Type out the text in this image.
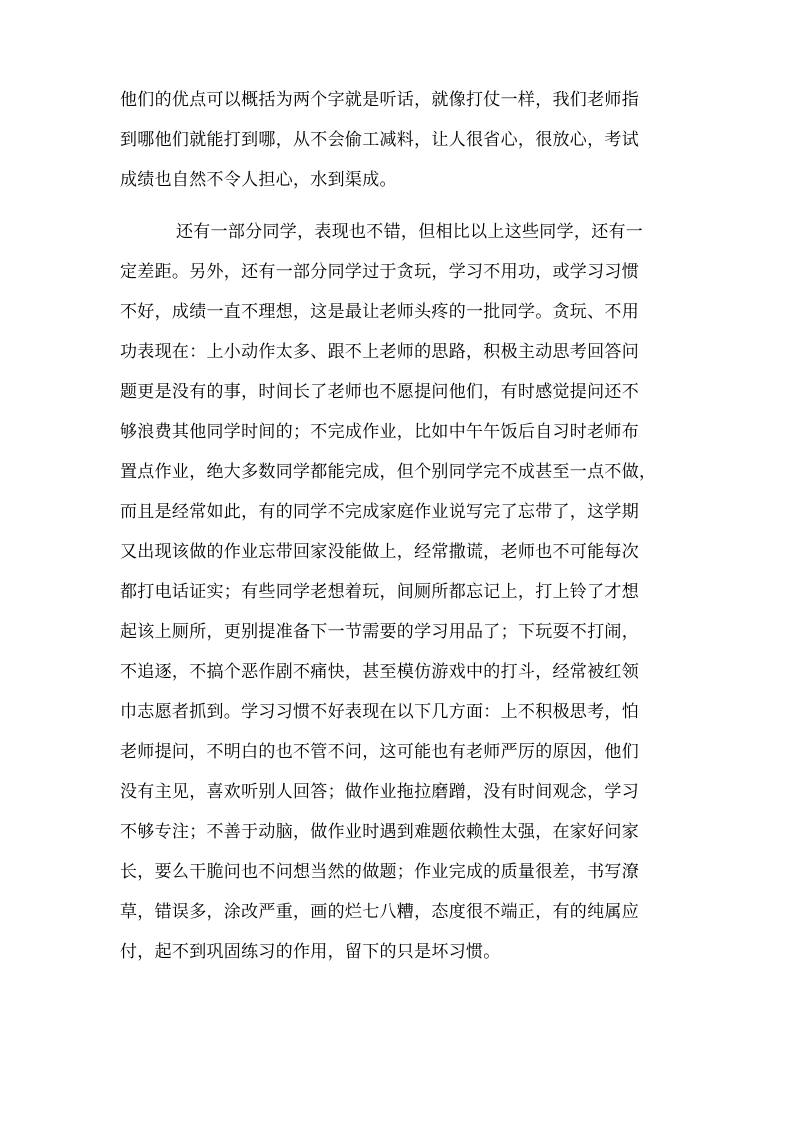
他们的优点可以概括为两个字就是听话，就像打仗一样，我们老师指
到哪他们就能打到哪，从不会偷工减料，让人很省心，很放心，考试
成绩也自然不令人担心，水到渠成。
还有一部分同学，表现也不错，但相比以上这些同学，还有一
定差距。另外，还有一部分同学过于贪玩，学习不用功，或学习习惯
不好，成绩一直不理想，这是最让老师头疼的一批同学。贪玩、不用
功表现在：上小动作太多、跟不上老师的思路，积极主动思考回答问
题更是没有的事，时间长了老师也不愿提问他们，有时感觉提问还不
够浪费其他同学时间的；不完成作业，比如中午午饭后自习时老师布
置点作业，绝大多数同学都能完成，但个别同学完不成甚至一点不做，
而且是经常如此，有的同学不完成家庭作业说写完了忘带了，这学期
又出现该做的作业忘带回家没能做上，经常撒谎，老师也不可能每次
都打电话证实；有些同学老想着玩，间厕所都忘记上，打上铃了才想
起该上厕所，更别提准备下一节需要的学习用品了；下玩耍不打闹，
不追逐，不搞个恶作剧不痛快，甚至模仿游戏中的打斗，经常被红领
巾志愿者抓到。学习习惯不好表现在以下几方面：上不积极思考，怕
老师提问，不明白的也不管不问，这可能也有老师严厉的原因，他们
没有主见，喜欢听别人回答；做作业拖拉磨蹭，没有时间观念，学习
不够专注；不善于动脑，做作业时遇到难题依赖性太强，在家好问家
长，要么干脆问也不问想当然的做题；作业完成的质量很差，书写潦
草，错误多，涂改严重，画的烂七八糟，态度很不端正，有的纯属应
付，起不到巩固练习的作用，留下的只是坏习惯。
